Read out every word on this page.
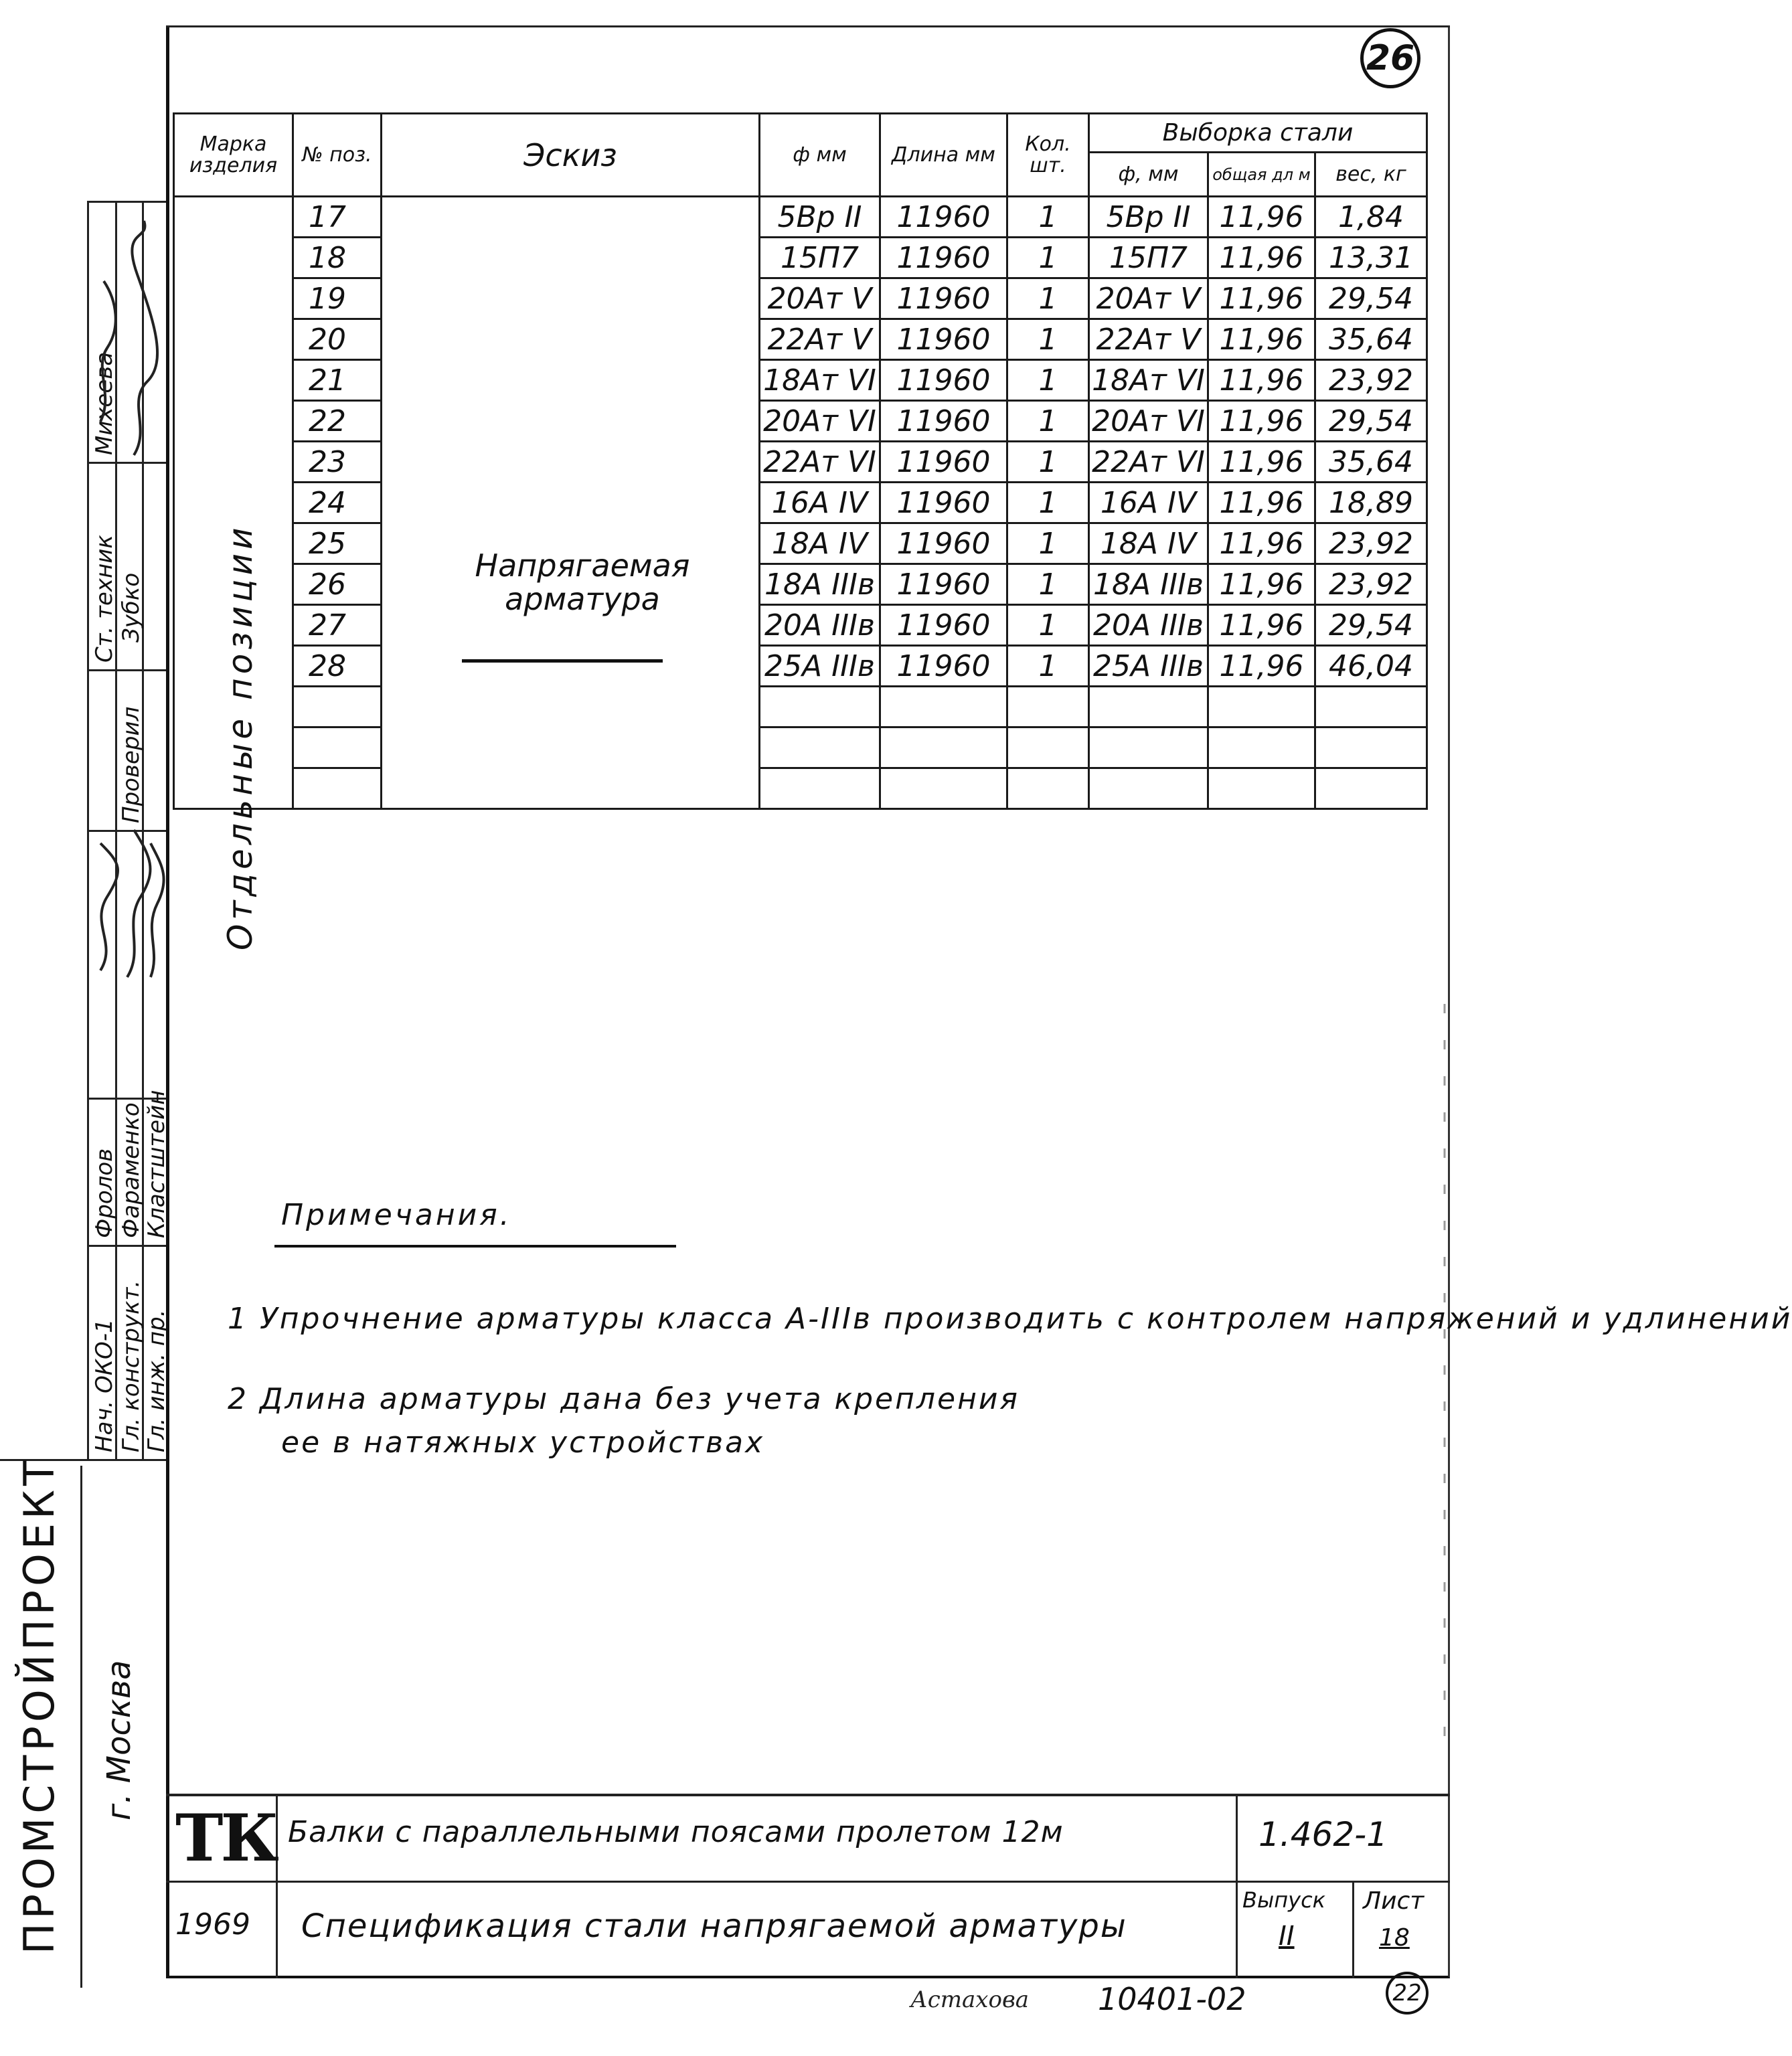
26
Марка изделия	№ поз.	Эскиз	ф мм	Длина мм	Кол. шт.	Выборка стали		
						ф, мм	общая дл м	вес, кг
	17		5Bр II	11960	1	5Bр II	11,96	1,84
	18		15П7	11960	1	15П7	11,96	13,31
	19		20Ат V	11960	1	20Ат V	11,96	29,54
	20		22Ат V	11960	1	22Ат V	11,96	35,64
	21		18Ат VI	11960	1	18Ат VI	11,96	23,92
	22		20Ат VI	11960	1	20Ат VI	11,96	29,54
	23		22Ат VI	11960	1	22Ат VI	11,96	35,64
	24		16А IV	11960	1	16А IV	11,96	18,89
	25		18А IV	11960	1	18А IV	11,96	23,92
	26		18А IIIв	11960	1	18А IIIв	11,96	23,92
	27		20А IIIв	11960	1	20А IIIв	11,96	29,54
	28		25А IIIв	11960	1	25А IIIв	11,96	46,04

Отдельные позиции	Напрягаемая арматура
Примечания.
1 Упрочнение арматуры класса А-IIIв производить с контролем напряжений и удлинений
2 Длина арматуры дана без учета крепления
ее в натяжных устройствах
Ст. техник
Проверил
Михеева
Зубко
Нач. ОКО-1 Гл. конструкт.
Гл. инж. пр.
Фролов Фараменко
Кластштейн
ПРОМСТРОЙПРОЕКТ г. Москва
ТК
1969
Балки с параллельными поясами пролетом 12м
Спецификация стали напрягаемой арматуры
1.462-1
Выпуск
II
Лист
18
Астахова 10401-02	22
